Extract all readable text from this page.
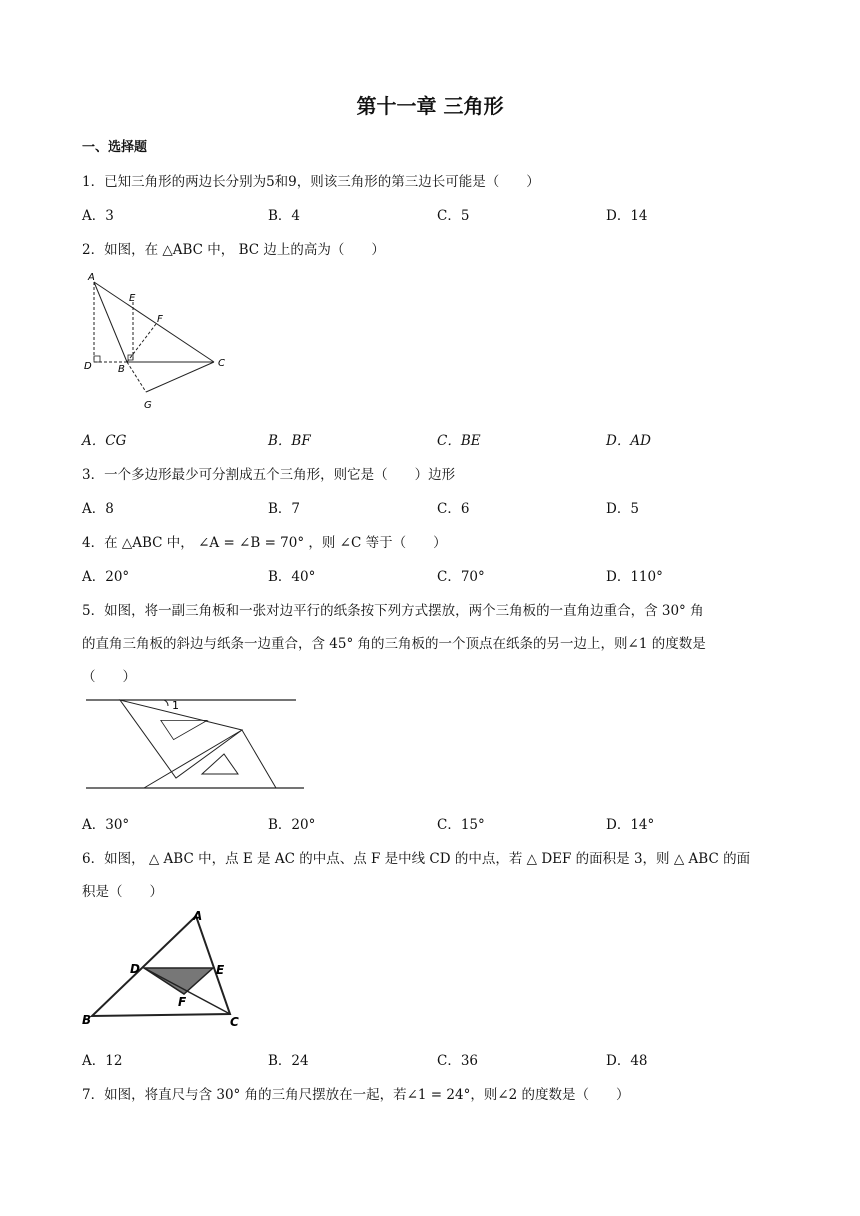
第十一章 三角形
一、选择题
1．已知三角形的两边长分别为5和9，则该三角形的第三边长可能是（　　）
A．3	B．4	C．5	D．14
2．如图，在 △ABC 中， BC 边上的高为（　　）
A
E
F
D	B
C
G
A．CG	B．BF	C．BE	D．AD
3．一个多边形最少可分割成五个三角形，则它是（　　）边形
A．8	B．7	C．6	D．5
4．在 △ABC 中， ∠A = ∠B = 70° ，则 ∠C 等于（　　）
A．20°	B．40°	C．70°	D．110°
5．如图，将一副三角板和一张对边平行的纸条按下列方式摆放，两个三角板的一直角边重合，含 30° 角
的直角三角板的斜边与纸条一边重合，含 45° 角的三角板的一个顶点在纸条的另一边上，则∠1 的度数是
（　　）
1
A．30°	B．20°	C．15°	D．14°
6．如图， △ ABC 中，点 E 是 AC 的中点、点 F 是中线 CD 的中点，若 △ DEF 的面积是 3，则 △ ABC 的面
积是（　　）
A
D	E
F
B	C
A．12	B．24	C．36	D．48
7．如图，将直尺与含 30° 角的三角尺摆放在一起，若∠1 = 24°，则∠2 的度数是（　　）
